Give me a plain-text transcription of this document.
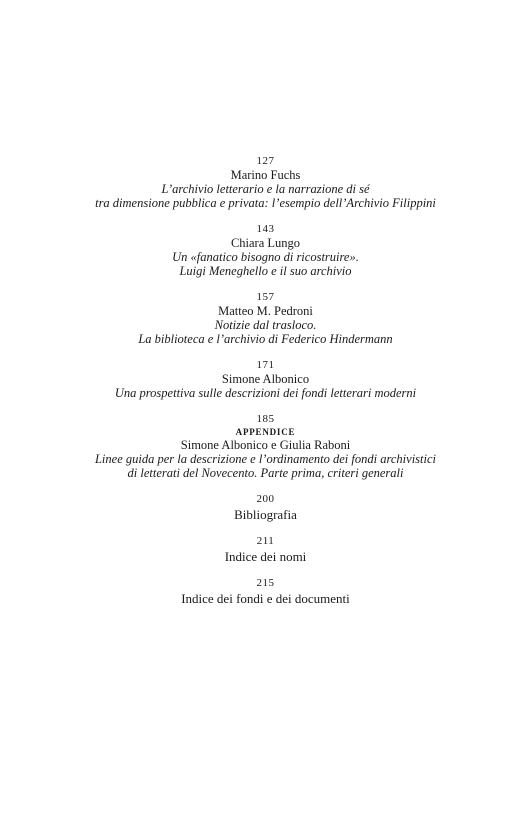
127
Marino Fuchs
L’archivio letterario e la narrazione di sé
tra dimensione pubblica e privata: l’esempio dell’Archivio Filippini
143
Chiara Lungo
Un «fanatico bisogno di ricostruire».
Luigi Meneghello e il suo archivio
157
Matteo M. Pedroni
Notizie dal trasloco.
La biblioteca e l’archivio di Federico Hindermann
171
Simone Albonico
Una prospettiva sulle descrizioni dei fondi letterari moderni
185
APPENDICE
Simone Albonico e Giulia Raboni
Linee guida per la descrizione e l’ordinamento dei fondi archivistici
di letterati del Novecento. Parte prima, criteri generali
200
Bibliografia
211
Indice dei nomi
215
Indice dei fondi e dei documenti
